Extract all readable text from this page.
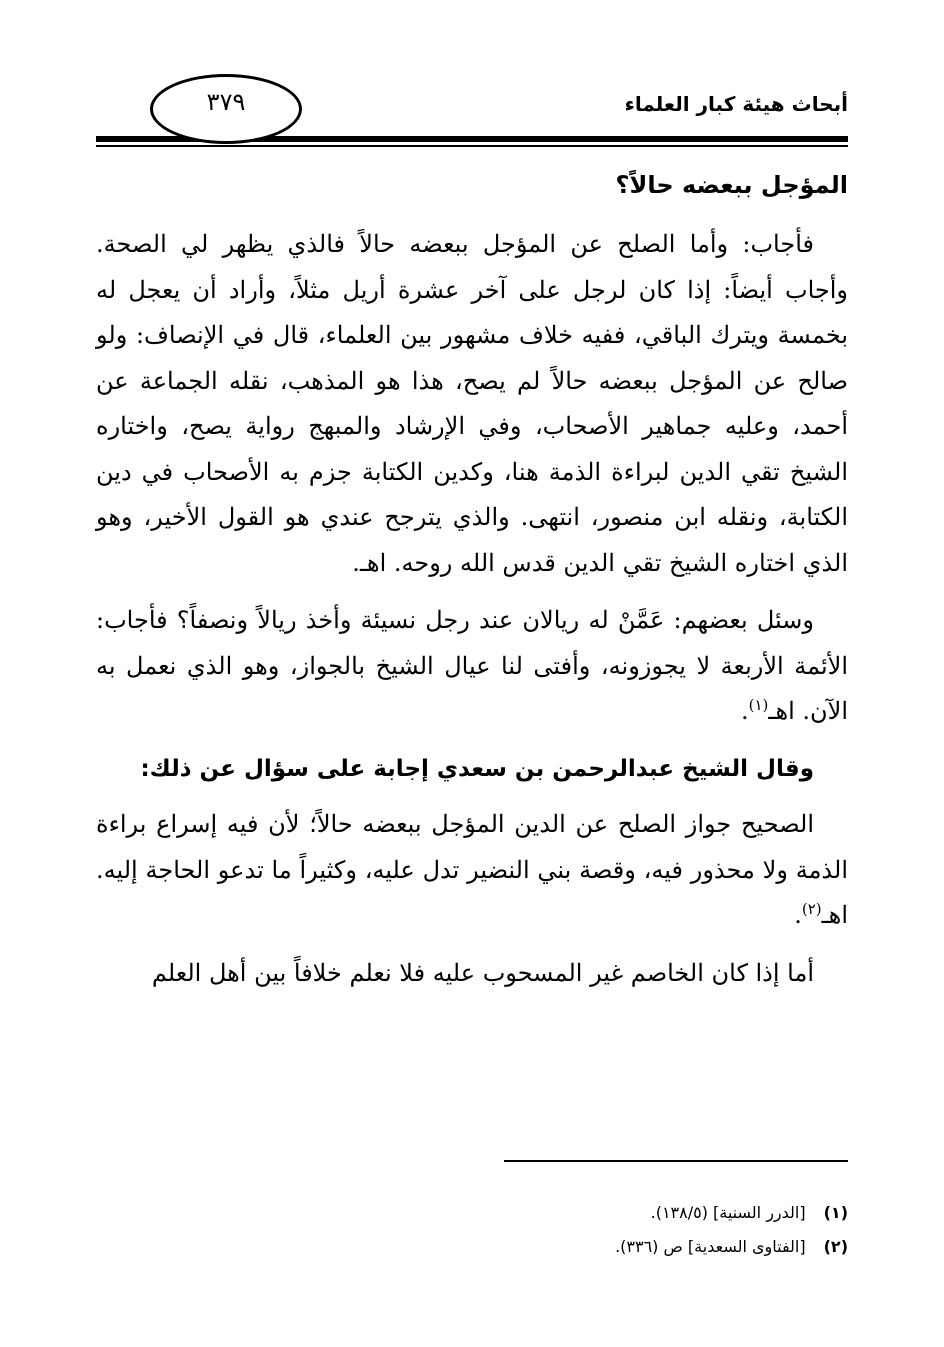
أبحاث هيئة كبار العلماء
٣٧٩

المؤجل ببعضه حالاً؟

فأجاب: وأما الصلح عن المؤجل ببعضه حالاً فالذي يظهر لي الصحة. وأجاب أيضاً: إذا كان لرجل على آخر عشرة أريل مثلاً، وأراد أن يعجل له بخمسة ويترك الباقي، ففيه خلاف مشهور بين العلماء، قال في الإنصاف: ولو صالح عن المؤجل ببعضه حالاً لم يصح، هذا هو المذهب، نقله الجماعة عن أحمد، وعليه جماهير الأصحاب، وفي الإرشاد والمبهج رواية يصح، واختاره الشيخ تقي الدين لبراءة الذمة هنا، وكدين الكتابة جزم به الأصحاب في دين الكتابة، ونقله ابن منصور، انتهى. والذي يترجح عندي هو القول الأخير، وهو الذي اختاره الشيخ تقي الدين قدس الله روحه. اهـ.

وسئل بعضهم: عَمَّنْ له ريالان عند رجل نسيئة وأخذ ريالاً ونصفاً؟ فأجاب: الأئمة الأربعة لا يجوزونه، وأفتى لنا عيال الشيخ بالجواز، وهو الذي نعمل به الآن. اهـ$^{(١)}$.

وقال الشيخ عبدالرحمن بن سعدي إجابة على سؤال عن ذلك:

الصحيح جواز الصلح عن الدين المؤجل ببعضه حالاً؛ لأن فيه إسراع براءة الذمة ولا محذور فيه، وقصة بني النضير تدل عليه، وكثيراً ما تدعو الحاجة إليه. اهـ$^{(٢)}$.

أما إذا كان الخاصم غير المسحوب عليه فلا نعلم خلافاً بين أهل العلم

(١)
[الدرر السنية] (١٣٨/٥).
(٢)
[الفتاوى السعدية] ص (٣٣٦).
